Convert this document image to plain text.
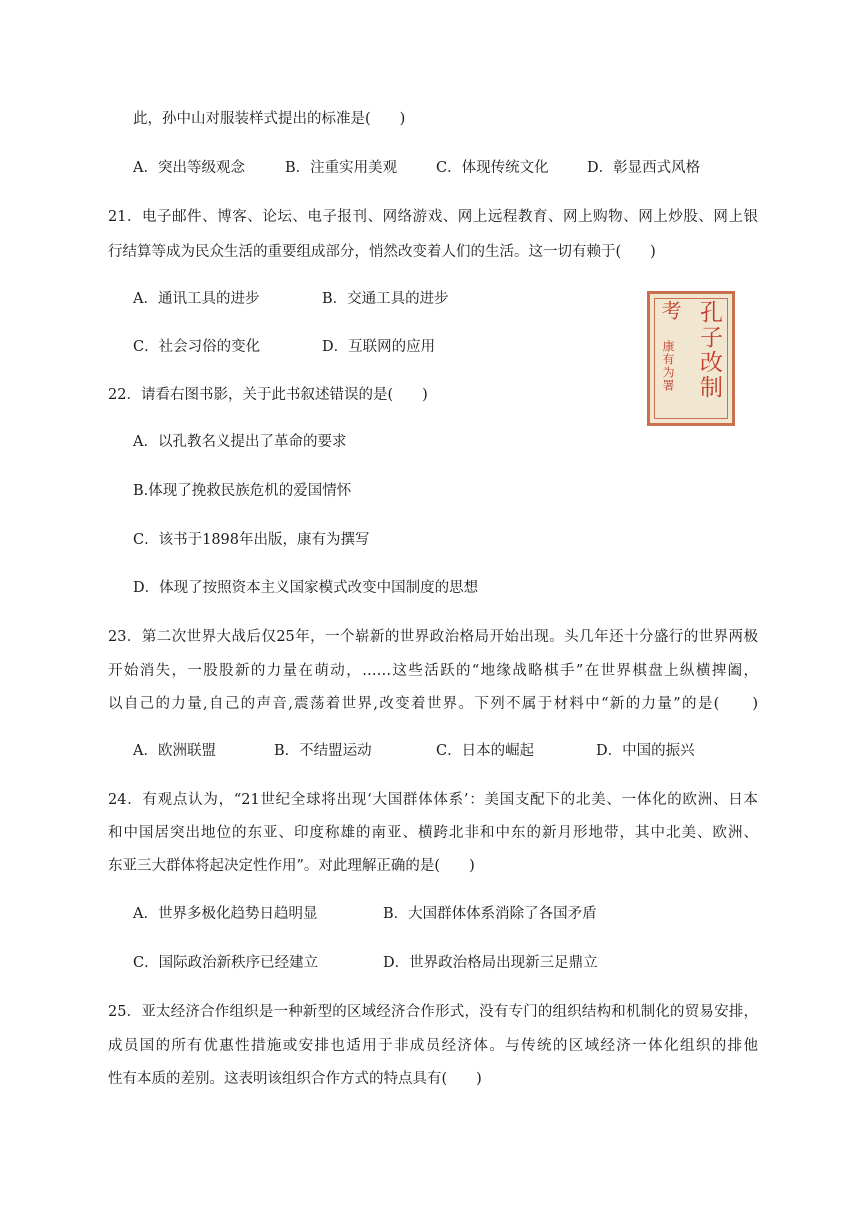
此，孙中山对服装样式提出的标准是(　　)
A．突出等级观念	B．注重实用美观	C．体现传统文化	D．彰显西式风格
21．电子邮件、博客、论坛、电子报刊、网络游戏、网上远程教育、网上购物、网上炒股、网上银
行结算等成为民众生活的重要组成部分，悄然改变着人们的生活。这一切有赖于(　　)
A．通讯工具的进步	B．交通工具的进步
C．社会习俗的变化	D．互联网的应用	孔子改制
考
康有为署
22．请看右图书影，关于此书叙述错误的是(　　)
A．以孔教名义提出了革命的要求
B.体现了挽救民族危机的爱国情怀
C．该书于1898年出版，康有为撰写
D．体现了按照资本主义国家模式改变中国制度的思想
23．第二次世界大战后仅25年，一个崭新的世界政治格局开始出现。头几年还十分盛行的世界两极
开始消失，一股股新的力量在萌动，……这些活跃的“地缘战略棋手”在世界棋盘上纵横捭阖，
以自己的力量,自己的声音,震荡着世界,改变着世界。下列不属于材料中“新的力量”的是(　　)
A．欧洲联盟	B．不结盟运动	C．日本的崛起	D．中国的振兴
24．有观点认为，“21世纪全球将出现‘大国群体体系’：美国支配下的北美、一体化的欧洲、日本
和中国居突出地位的东亚、印度称雄的南亚、横跨北非和中东的新月形地带，其中北美、欧洲、
东亚三大群体将起决定性作用”。对此理解正确的是(　　)
A．世界多极化趋势日趋明显	B．大国群体体系消除了各国矛盾
C．国际政治新秩序已经建立	D．世界政治格局出现新三足鼎立
25．亚太经济合作组织是一种新型的区域经济合作形式，没有专门的组织结构和机制化的贸易安排，
成员国的所有优惠性措施或安排也适用于非成员经济体。与传统的区域经济一体化组织的排他
性有本质的差别。这表明该组织合作方式的特点具有(　　)
